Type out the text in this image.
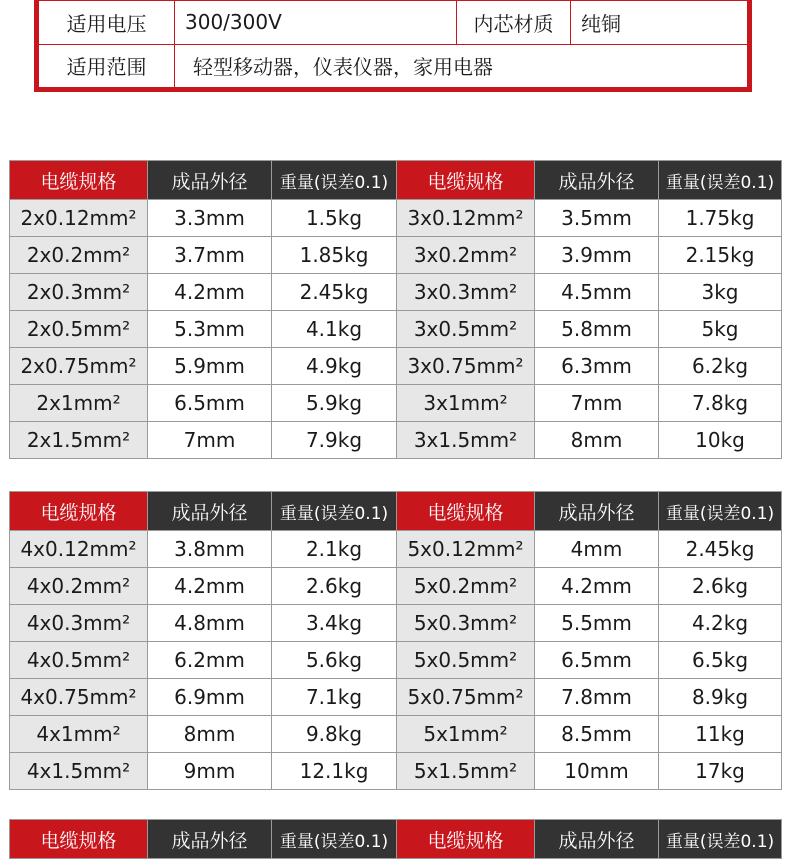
适用电压	300/300V	内芯材质	纯铜
适用范围	轻型移动器，仪表仪器，家用电器		
电缆规格	成品外径	重量(误差0.1)	电缆规格	成品外径	重量(误差0.1)
2x0.12mm²	3.3mm	1.5kg	3x0.12mm²	3.5mm	1.75kg
2x0.2mm²	3.7mm	1.85kg	3x0.2mm²	3.9mm	2.15kg
2x0.3mm²	4.2mm	2.45kg	3x0.3mm²	4.5mm	3kg
2x0.5mm²	5.3mm	4.1kg	3x0.5mm²	5.8mm	5kg
2x0.75mm²	5.9mm	4.9kg	3x0.75mm²	6.3mm	6.2kg
2x1mm²	6.5mm	5.9kg	3x1mm²	7mm	7.8kg
2x1.5mm²	7mm	7.9kg	3x1.5mm²	8mm	10kg
电缆规格	成品外径	重量(误差0.1)	电缆规格	成品外径	重量(误差0.1)
4x0.12mm²	3.8mm	2.1kg	5x0.12mm²	4mm	2.45kg
4x0.2mm²	4.2mm	2.6kg	5x0.2mm²	4.2mm	2.6kg
4x0.3mm²	4.8mm	3.4kg	5x0.3mm²	5.5mm	4.2kg
4x0.5mm²	6.2mm	5.6kg	5x0.5mm²	6.5mm	6.5kg
4x0.75mm²	6.9mm	7.1kg	5x0.75mm²	7.8mm	8.9kg
4x1mm²	8mm	9.8kg	5x1mm²	8.5mm	11kg
4x1.5mm²	9mm	12.1kg	5x1.5mm²	10mm	17kg
电缆规格	成品外径	重量(误差0.1)	电缆规格	成品外径	重量(误差0.1)
